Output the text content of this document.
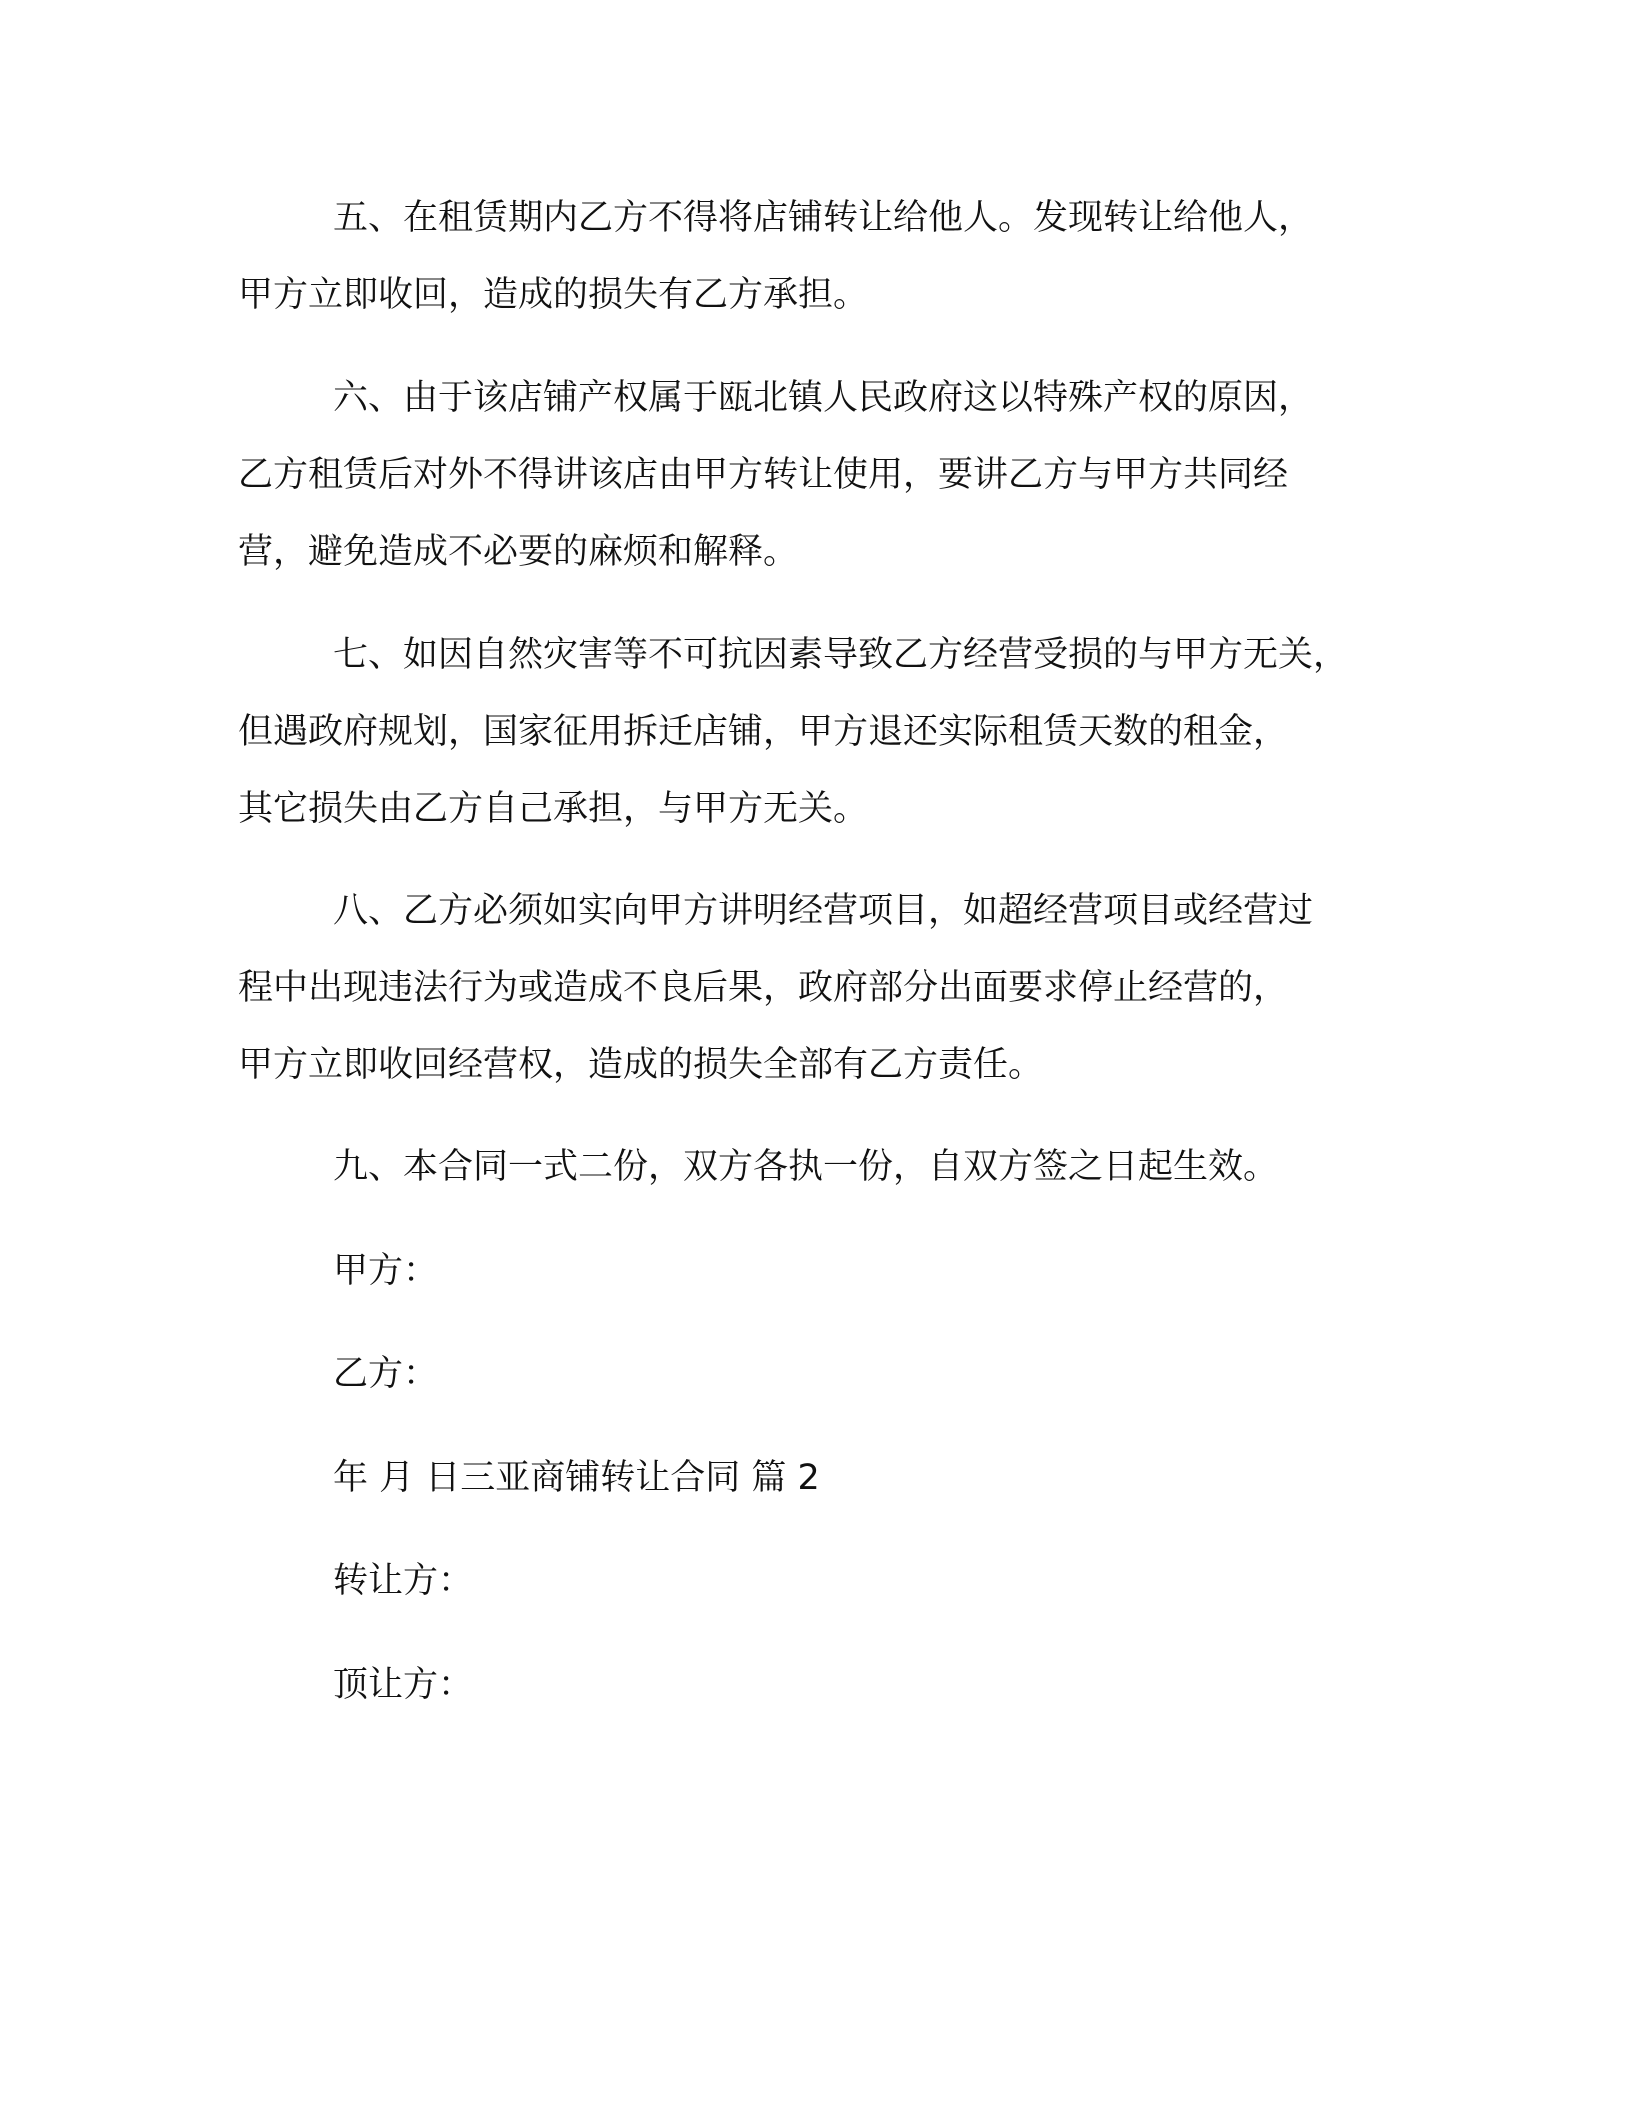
五、在租赁期内乙方不得将店铺转让给他人。发现转让给他人，
甲方立即收回，造成的损失有乙方承担。
六、由于该店铺产权属于瓯北镇人民政府这以特殊产权的原因，
乙方租赁后对外不得讲该店由甲方转让使用，要讲乙方与甲方共同经
营，避免造成不必要的麻烦和解释。
七、如因自然灾害等不可抗因素导致乙方经营受损的与甲方无关，
但遇政府规划，国家征用拆迁店铺，甲方退还实际租赁天数的租金，
其它损失由乙方自己承担，与甲方无关。
八、乙方必须如实向甲方讲明经营项目，如超经营项目或经营过
程中出现违法行为或造成不良后果，政府部分出面要求停止经营的，
甲方立即收回经营权，造成的损失全部有乙方责任。
九、本合同一式二份，双方各执一份，自双方签之日起生效。
甲方：
乙方：
年 月 日三亚商铺转让合同 篇 2
转让方：
顶让方：
